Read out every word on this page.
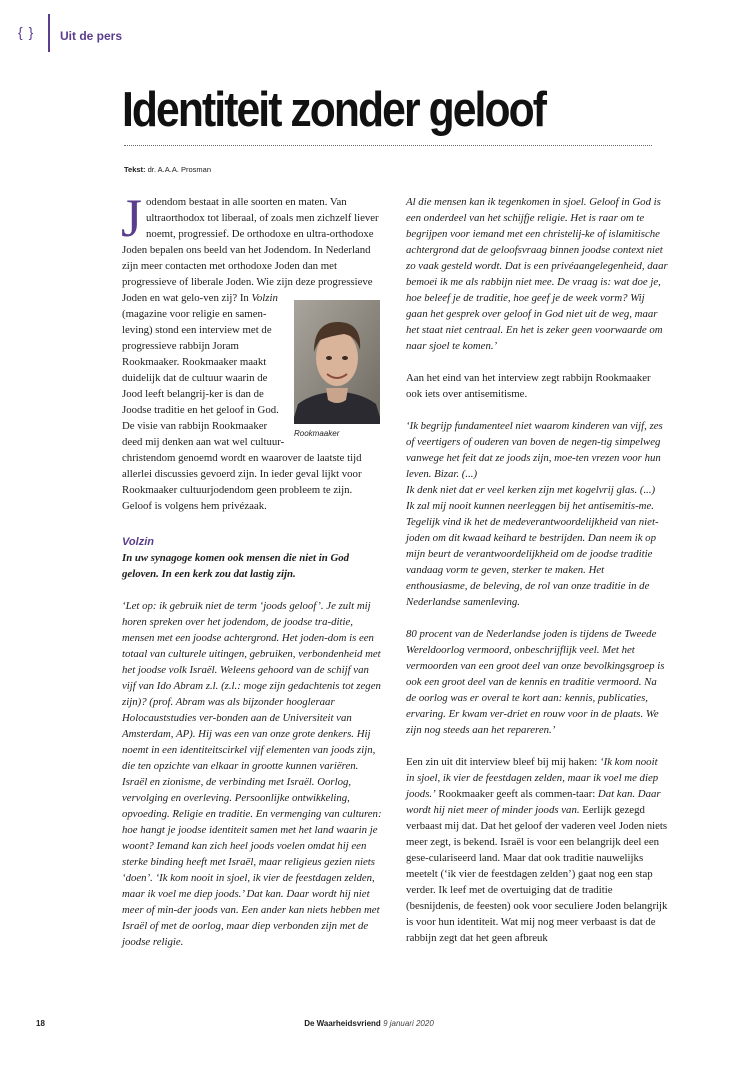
{ } Uit de pers
Identiteit zonder geloof
Tekst: dr. A.A.A. Prosman

J odendom bestaat in alle soorten en maten. Van ultraorthodox tot liberaal, of zoals men zichzelf liever noemt, progressief. De orthodoxe en ultra-orthodoxe Joden bepalen ons beeld van het Jodendom. In Nederland zijn meer contacten met orthodoxe Joden dan met progressieve of liberale Joden. Wie zijn deze progressieve Joden en wat gelo-ven zij? In Volzin
Rookmaaker
(magazine voor religie en samen-leving) stond een interview met de progressieve rabbijn Joram Rookmaaker. Rookmaaker maakt duidelijk dat de cultuur waarin de Jood leeft belangrij-ker is dan de Joodse traditie en het geloof in God. De visie van rabbijn Rookmaaker deed mij denken aan wat wel cultuur-christendom genoemd wordt en waarover de laatste tijd allerlei discussies gevoerd zijn. In ieder geval lijkt voor Rookmaaker cultuurjodendom geen probleem te zijn. Geloof is volgens hem privézaak.

Volzin

In uw synagoge komen ook mensen die niet in God geloven. In een kerk zou dat lastig zijn.

‘Let op: ik gebruik niet de term ‘joods geloof’. Je zult mij horen spreken over het jodendom, de joodse tra-ditie, mensen met een joodse achtergrond. Het joden-dom is een totaal van culturele uitingen, gebruiken, verbondenheid met het joodse volk Israël. Weleens gehoord van de schijf van vijf van Ido Abram z.l. (z.l.: moge zijn gedachtenis tot zegen zijn)? (prof. Abram was als bijzonder hoogleraar Holocauststudies ver-bonden aan de Universiteit van Amsterdam, AP). Hij was een van onze grote denkers. Hij noemt in een identiteitscirkel vijf elementen van joods zijn, die ten opzichte van elkaar in grootte kunnen variëren. Israël en zionisme, de verbinding met Israël. Oorlog, vervolging en overleving. Persoonlijke ontwikkeling, opvoeding. Religie en traditie. En vermenging van culturen: hoe hangt je joodse identiteit samen met het land waarin je woont? Iemand kan zich heel joods voelen omdat hij een sterke binding heeft met Israël, maar religieus gezien niets ‘doen’. ‘Ik kom nooit in sjoel, ik vier de feestdagen zelden, maar ik voel me diep joods.’ Dat kan. Daar wordt hij niet meer of min-der joods van. Een ander kan niets hebben met Israël of met de oorlog, maar diep verbonden zijn met de joodse religie.

Al die mensen kan ik tegenkomen in sjoel. Geloof in God is een onderdeel van het schijfje religie. Het is raar om te begrijpen voor iemand met een christelij-ke of islamitische achtergrond dat de geloofsvraag binnen joodse context niet zo vaak gesteld wordt. Dat is een privéaangelegenheid, daar bemoei ik me als rabbijn niet mee. De vraag is: wat doe je, hoe beleef je de traditie, hoe geef je de week vorm? Wij gaan het gesprek over geloof in God niet uit de weg, maar het staat niet centraal. En het is zeker geen voorwaarde om naar sjoel te komen.’

Aan het eind van het interview zegt rabbijn Rookmaaker ook iets over antisemitisme.

‘Ik begrijp fundamenteel niet waarom kinderen van vijf, zes of veertigers of ouderen van boven de negen-tig simpelweg vanwege het feit dat ze joods zijn, moe-ten vrezen voor hun leven. Bizar. (...)

Ik denk niet dat er veel kerken zijn met kogelvrij glas. (...)

Ik zal mij nooit kunnen neerleggen bij het antisemitis-me. Tegelijk vind ik het de medeverantwoordelijkheid van niet-joden om dit kwaad keihard te bestrijden. Dan neem ik op mijn beurt de verantwoordelijkheid om de joodse traditie vandaag vorm te geven, sterker te maken. Het enthousiasme, de beleving, de rol van onze traditie in de Nederlandse samenleving.

80 procent van de Nederlandse joden is tijdens de Tweede Wereldoorlog vermoord, onbeschrijflijk veel. Met het vermoorden van een groot deel van onze bevolkingsgroep is ook een groot deel van de kennis en traditie vermoord. Na de oorlog was er overal te kort aan: kennis, publicaties, ervaring. Er kwam ver-driet en rouw voor in de plaats. We zijn nog steeds aan het repareren.’

Een zin uit dit interview bleef bij mij haken: ‘Ik kom nooit in sjoel, ik vier de feestdagen zelden, maar ik voel me diep joods.’ Rookmaaker geeft als commen-taar: Dat kan. Daar wordt hij niet meer of minder joods van. Eerlijk gezegd verbaast mij dat. Dat het geloof der vaderen veel Joden niets meer zegt, is bekend. Israël is voor een belangrijk deel een gese-culariseerd land. Maar dat ook traditie nauwelijks meetelt (‘ik vier de feestdagen zelden’) gaat nog een stap verder. Ik leef met de overtuiging dat de traditie (besnijdenis, de feesten) ook voor seculiere Joden belangrijk is voor hun identiteit. Wat mij nog meer verbaast is dat de rabbijn zegt dat het geen afbreuk

18	De Waarheidsvriend 9 januari 2020
